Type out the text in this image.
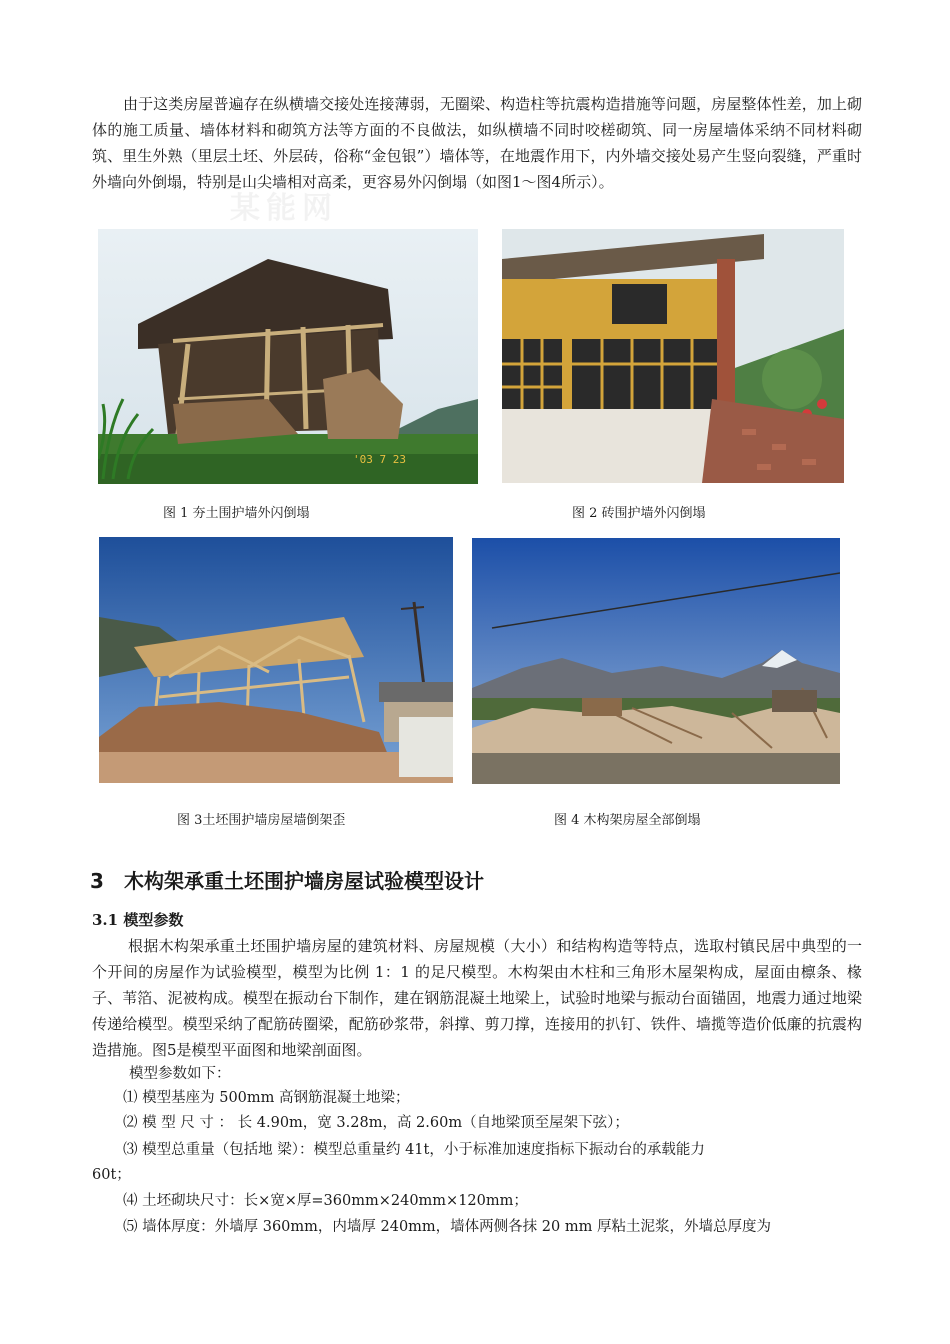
某能网

由于这类房屋普遍存在纵横墙交接处连接薄弱，无圈梁、构造柱等抗震构造措施等问题，房屋整体性差，加上砌体的施工质量、墙体材料和砌筑方法等方面的不良做法，如纵横墙不同时咬槎砌筑、同一房屋墙体采纳不同材料砌筑、里生外熟（里层土坯、外层砖，俗称“金包银”）墙体等，在地震作用下，内外墙交接处易产生竖向裂缝，严重时外墙向外倒塌，特别是山尖墙相对高柔，更容易外闪倒塌（如图1～图4所示）。

'03 7 23
图 1 夯土围护墙外闪倒塌	图 2 砖围护墙外闪倒塌
图 3土坯围护墙房屋墙倒架歪	图 4 木构架房屋全部倒塌
3 木构架承重土坯围护墙房屋试验模型设计
3.1 模型参数

根据木构架承重土坯围护墙房屋的建筑材料、房屋规模（大小）和结构构造等特点，选取村镇民居中典型的一个开间的房屋作为试验模型，模型为比例 1：1 的足尺模型。木构架由木柱和三角形木屋架构成，屋面由檩条、椽子、苇箔、泥被构成。模型在振动台下制作，建在钢筋混凝土地梁上，试验时地梁与振动台面锚固，地震力通过地梁传递给模型。模型采纳了配筋砖圈梁，配筋砂浆带，斜撑、剪刀撑，连接用的扒钉、铁件、墙揽等造价低廉的抗震构造措施。图5是模型平面图和地梁剖面图。

模型参数如下：
⑴ 模型基座为 500mm 高钢筋混凝土地梁；
⑵ 模 型 尺 寸 ： 长 4.90m，宽 3.28m，高 2.60m（自地梁顶至屋架下弦）；
⑶ 模型总重量（包括地 梁）：模型总重量约 41t，小于标准加速度指标下振动台的承载能力
60t；
⑷ 土坯砌块尺寸：长×宽×厚=360mm×240mm×120mm；
⑸ 墙体厚度：外墙厚 360mm，内墙厚 240mm，墙体两侧各抹 20 mm 厚粘土泥浆，外墙总厚度为
